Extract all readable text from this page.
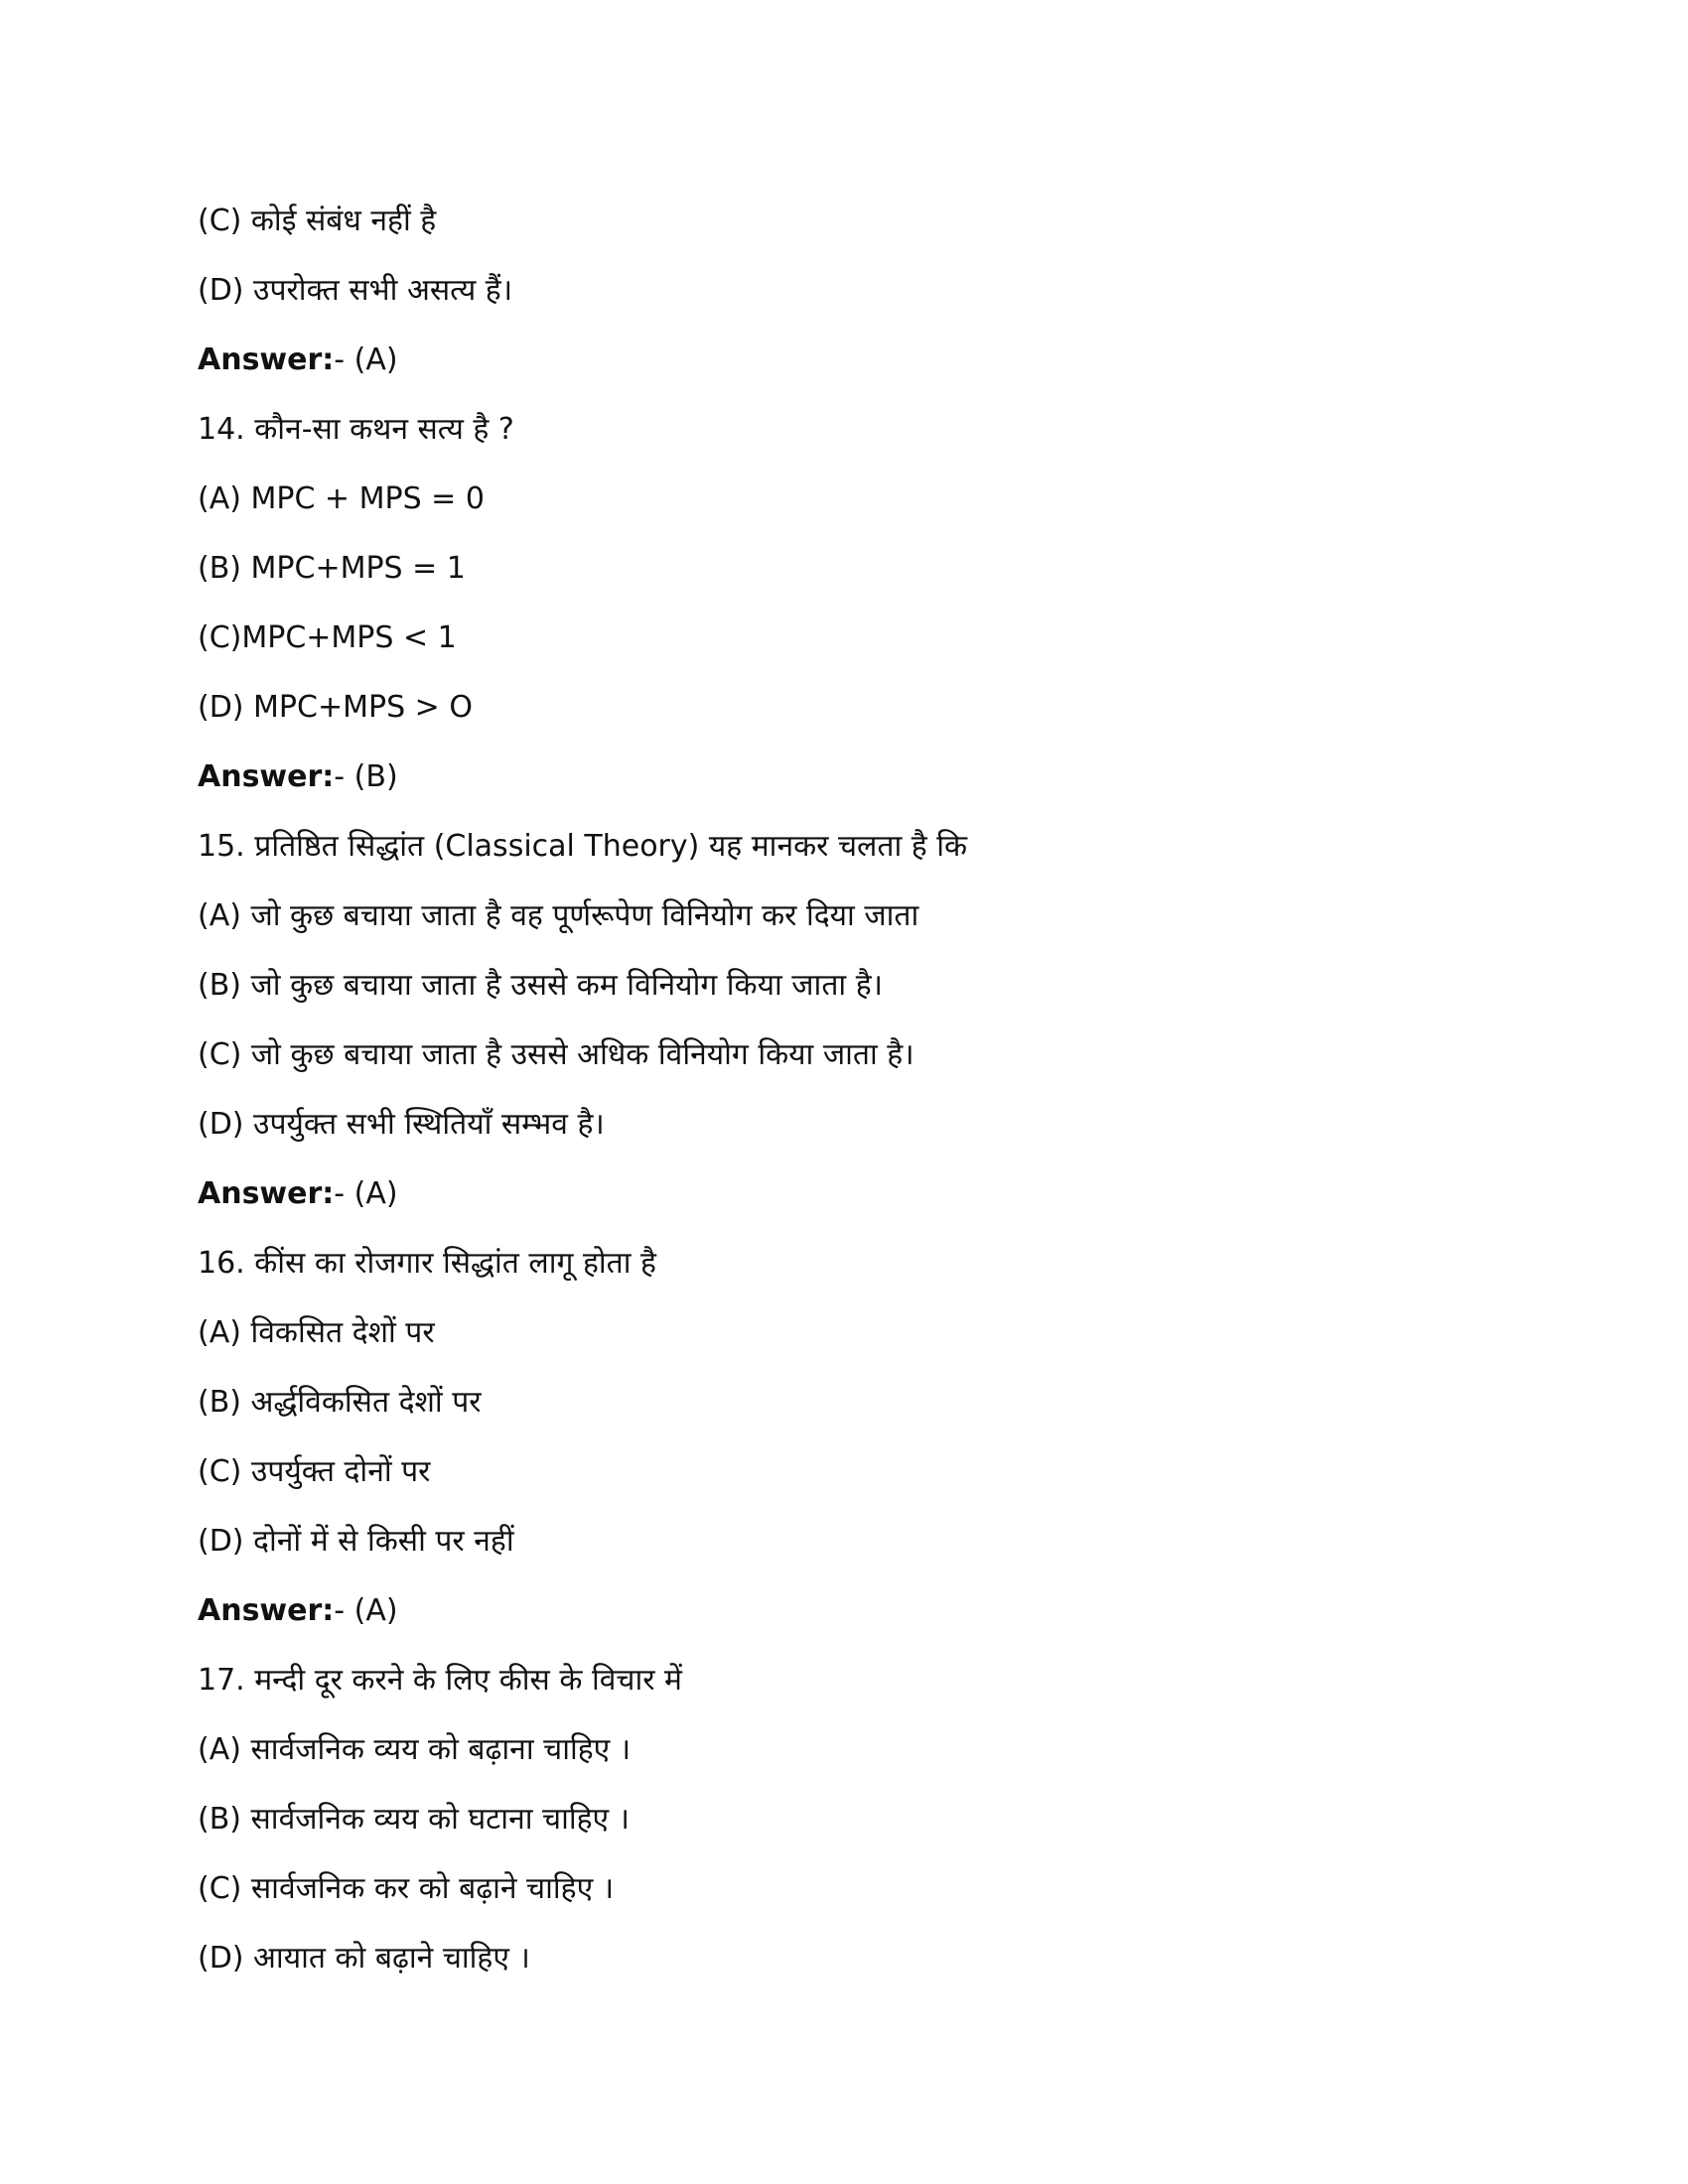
(C) कोई संबंध नहीं है
(D) उपरोक्त सभी असत्य हैं।
Answer:- (A)
14. कौन-सा कथन सत्य है ?
(A) MPC + MPS = 0
(B) MPC+MPS = 1
(C)MPC+MPS < 1
(D) MPC+MPS > O
Answer:- (B)
15. प्रतिष्ठित सिद्धांत (Classical Theory) यह मानकर चलता है कि
(A) जो कुछ बचाया जाता है वह पूर्णरूपेण विनियोग कर दिया जाता
(B) जो कुछ बचाया जाता है उससे कम विनियोग किया जाता है।
(C) जो कुछ बचाया जाता है उससे अधिक विनियोग किया जाता है।
(D) उपर्युक्त सभी स्थितियाँ सम्भव है।
Answer:- (A)
16. कींस का रोजगार सिद्धांत लागू होता है
(A) विकसित देशों पर
(B) अर्द्धविकसित देशों पर
(C) उपर्युक्त दोनों पर
(D) दोनों में से किसी पर नहीं
Answer:- (A)
17. मन्दी दूर करने के लिए कीस के विचार में
(A) सार्वजनिक व्यय को बढ़ाना चाहिए ।
(B) सार्वजनिक व्यय को घटाना चाहिए ।
(C) सार्वजनिक कर को बढ़ाने चाहिए ।
(D) आयात को बढ़ाने चाहिए ।
